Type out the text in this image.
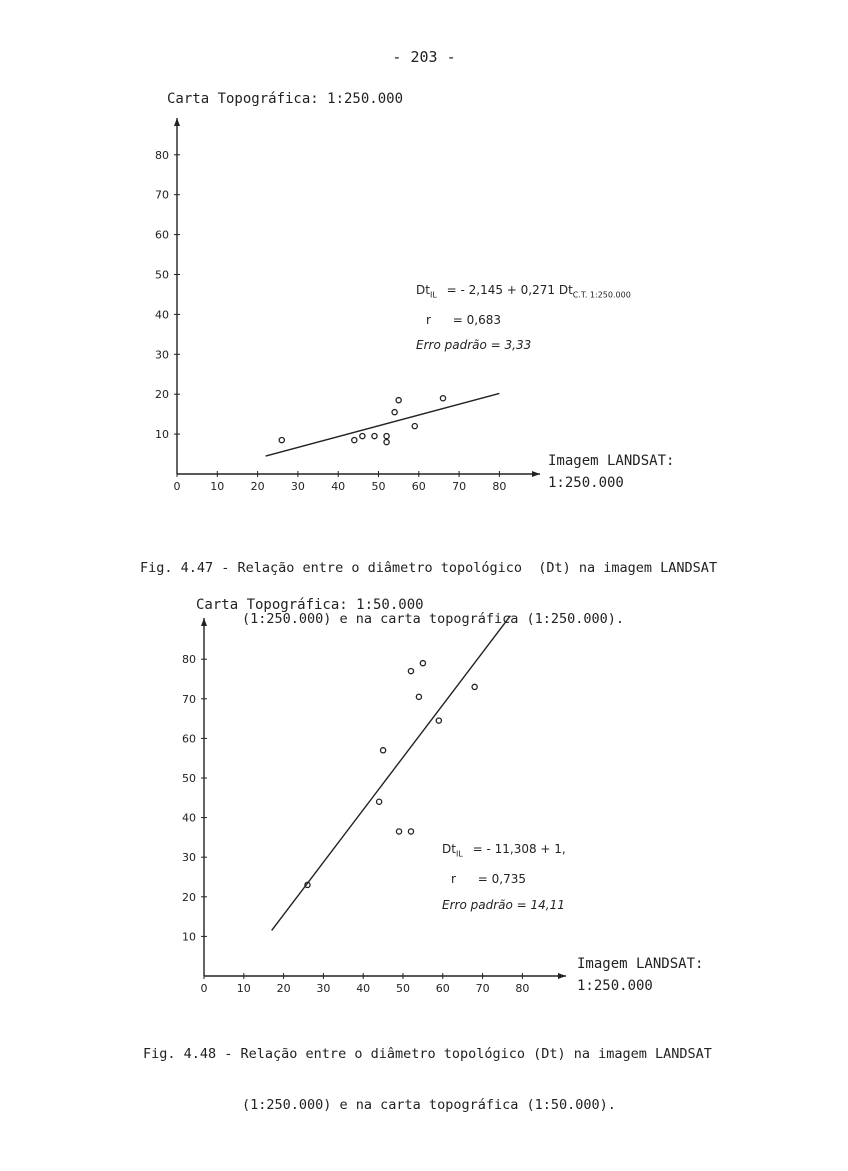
- 203 -
0	10 20 30 40 50 60 70 80
10
20
30
40
50
60
70
80
Carta Topográfica: 1:250.000
Imagem LANDSAT:
1:250.000
$Dt_{IL}$ = - 2,145 + 0,271 $Dt_{C.T. 1:250.000}$
r = 0,683
Erro padrão = 3,33

Fig. 4.47 - Relação entre o diâmetro topológico  (Dt) na imagem LANDSAT

(1:250.000) e na carta topográfica (1:250.000).

0	10 20 30 40 50 60 70 80
10
20
30
40
50
60
70
80
Carta Topográfica: 1:50.000
Imagem LANDSAT:
1:250.000
$Dt_{IL}$ = - 11,308 + 1,
r = 0,735
Erro padrão = 14,11

Fig. 4.48 - Relação entre o diâmetro topológico (Dt) na imagem LANDSAT

(1:250.000) e na carta topográfica (1:50.000).
